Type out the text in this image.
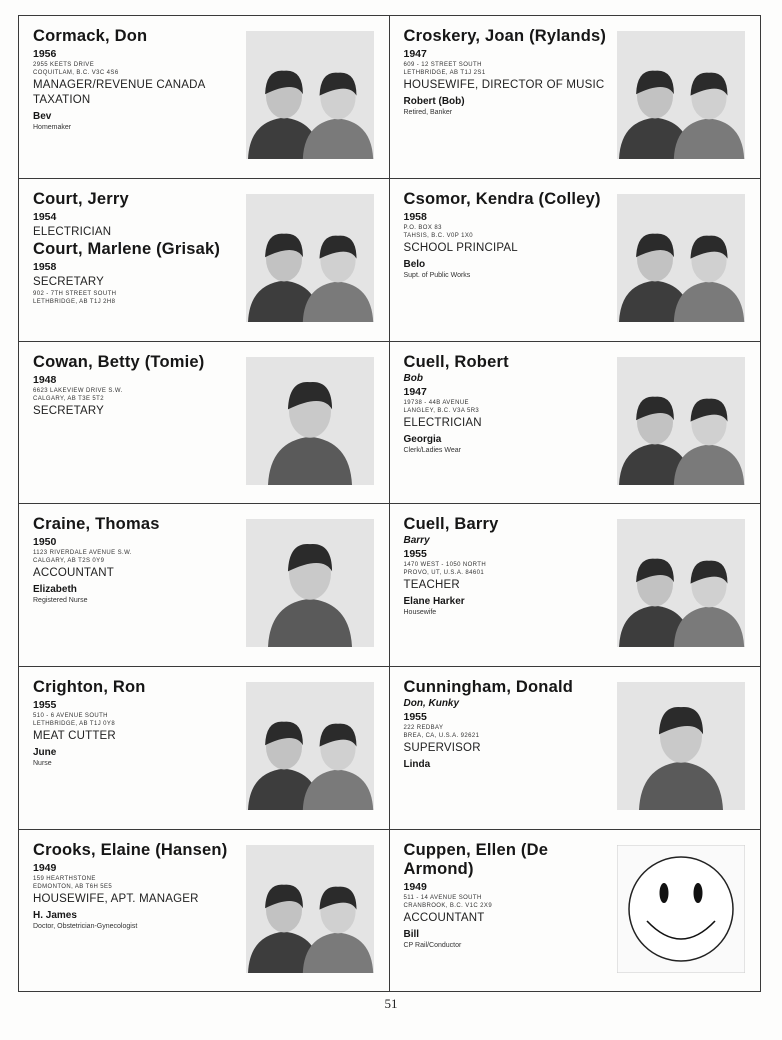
Cormack, Don
1956
2955 KEETS DRIVE
COQUITLAM, B.C. V3C 4S6
MANAGER/REVENUE CANADA TAXATION
Bev
Homemaker
Croskery, Joan (Rylands)
1947
609 - 12 STREET SOUTH
LETHBRIDGE, AB T1J 2S1
HOUSEWIFE, DIRECTOR OF MUSIC
Robert (Bob)
Retired, Banker
Court, Jerry
1954
ELECTRICIAN
Court, Marlene (Grisak)
1958
SECRETARY
902 - 7TH STREET SOUTH
LETHBRIDGE, AB T1J 2H8
Csomor, Kendra (Colley)
1958
P.O. BOX 83
TAHSIS, B.C. V0P 1X0
SCHOOL PRINCIPAL
Belo
Supt. of Public Works
Cowan, Betty (Tomie)
1948
6623 LAKEVIEW DRIVE S.W.
CALGARY, AB T3E 5T2
SECRETARY
Cuell, Robert
Bob
1947
19738 - 44B AVENUE
LANGLEY, B.C. V3A 5R3
ELECTRICIAN
Georgia
Clerk/Ladies Wear
Craine, Thomas
1950
1123 RIVERDALE AVENUE S.W.
CALGARY, AB T2S 0Y9
ACCOUNTANT
Elizabeth
Registered Nurse
Cuell, Barry
Barry
1955
1470 WEST - 1050 NORTH
PROVO, UT, U.S.A. 84601
TEACHER
Elane Harker
Housewife
Crighton, Ron
1955
510 - 6 AVENUE SOUTH
LETHBRIDGE, AB T1J 0Y8
MEAT CUTTER
June
Nurse
Cunningham, Donald
Don, Kunky
1955
222 REDBAY
BREA, CA, U.S.A. 92621
SUPERVISOR
Linda
Crooks, Elaine (Hansen)
1949
159 HEARTHSTONE
EDMONTON, AB T6H 5E5
HOUSEWIFE, APT. MANAGER
H. James
Doctor, Obstetrician-Gynecologist
Cuppen, Ellen (De Armond)
1949
511 - 14 AVENUE SOUTH
CRANBROOK, B.C. V1C 2X9
ACCOUNTANT
Bill
CP Rail/Conductor
51
